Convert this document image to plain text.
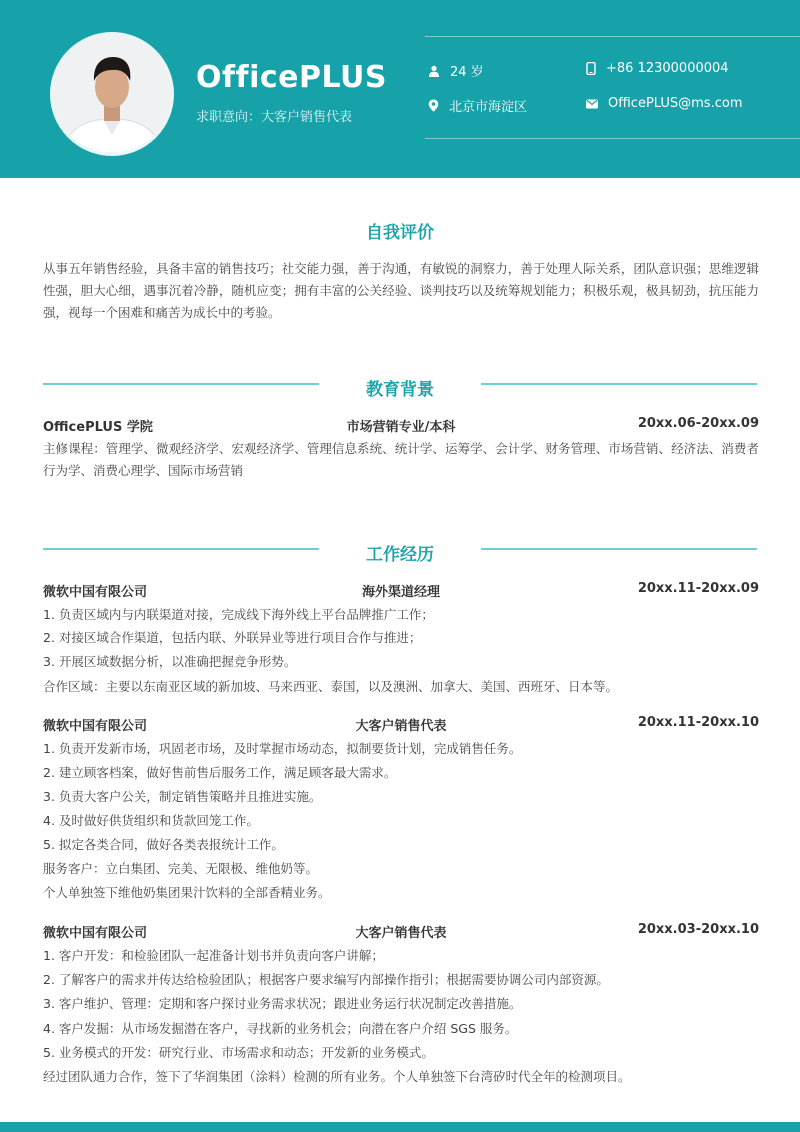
OfficePLUS
求职意向：大客户销售代表
24 岁	+86 12300000004
北京市海淀区	OfficePLUS@ms.com
自我评价
从事五年销售经验，具备丰富的销售技巧；社交能力强，善于沟通，有敏锐的洞察力，善于处理人际关系，团队意识强；思维逻辑性强，胆大心细，遇事沉着冷静，随机应变；拥有丰富的公关经验、谈判技巧以及统筹规划能力；积极乐观，极具韧劲，抗压能力强，视每一个困难和痛苦为成长中的考验。
教育背景
OfficePLUS 学院	市场营销专业/本科	20xx.06-20xx.09
主修课程：管理学、微观经济学、宏观经济学、管理信息系统、统计学、运筹学、会计学、财务管理、市场营销、经济法、消费者行为学、消费心理学、国际市场营销
工作经历
微软中国有限公司	海外渠道经理	20xx.11-20xx.09
1. 负责区域内与内联渠道对接，完成线下海外线上平台品牌推广工作；
2. 对接区域合作渠道，包括内联、外联异业等进行项目合作与推进；
3. 开展区域数据分析，以准确把握竞争形势。
合作区域：主要以东南亚区域的新加坡、马来西亚、泰国，以及澳洲、加拿大、美国、西班牙、日本等。
微软中国有限公司	大客户销售代表	20xx.11-20xx.10
1. 负责开发新市场，巩固老市场，及时掌握市场动态，拟制要货计划，完成销售任务。
2. 建立顾客档案，做好售前售后服务工作，满足顾客最大需求。
3. 负责大客户公关，制定销售策略并且推进实施。
4. 及时做好供货组织和货款回笼工作。
5. 拟定各类合同，做好各类表报统计工作。
服务客户：立白集团、完美、无限极、维他奶等。
个人单独签下维他奶集团果汁饮料的全部香精业务。
微软中国有限公司	大客户销售代表	20xx.03-20xx.10
1. 客户开发：和检验团队一起准备计划书并负责向客户讲解；
2. 了解客户的需求并传达给检验团队；根据客户要求编写内部操作指引；根据需要协调公司内部资源。
3. 客户维护、管理：定期和客户探讨业务需求状况；跟进业务运行状况制定改善措施。
4. 客户发掘：从市场发掘潜在客户，寻找新的业务机会；向潜在客户介绍 SGS 服务。
5. 业务模式的开发：研究行业、市场需求和动态；开发新的业务模式。
经过团队通力合作，签下了华润集团（涂料）检测的所有业务。个人单独签下台湾矽时代全年的检测项目。
